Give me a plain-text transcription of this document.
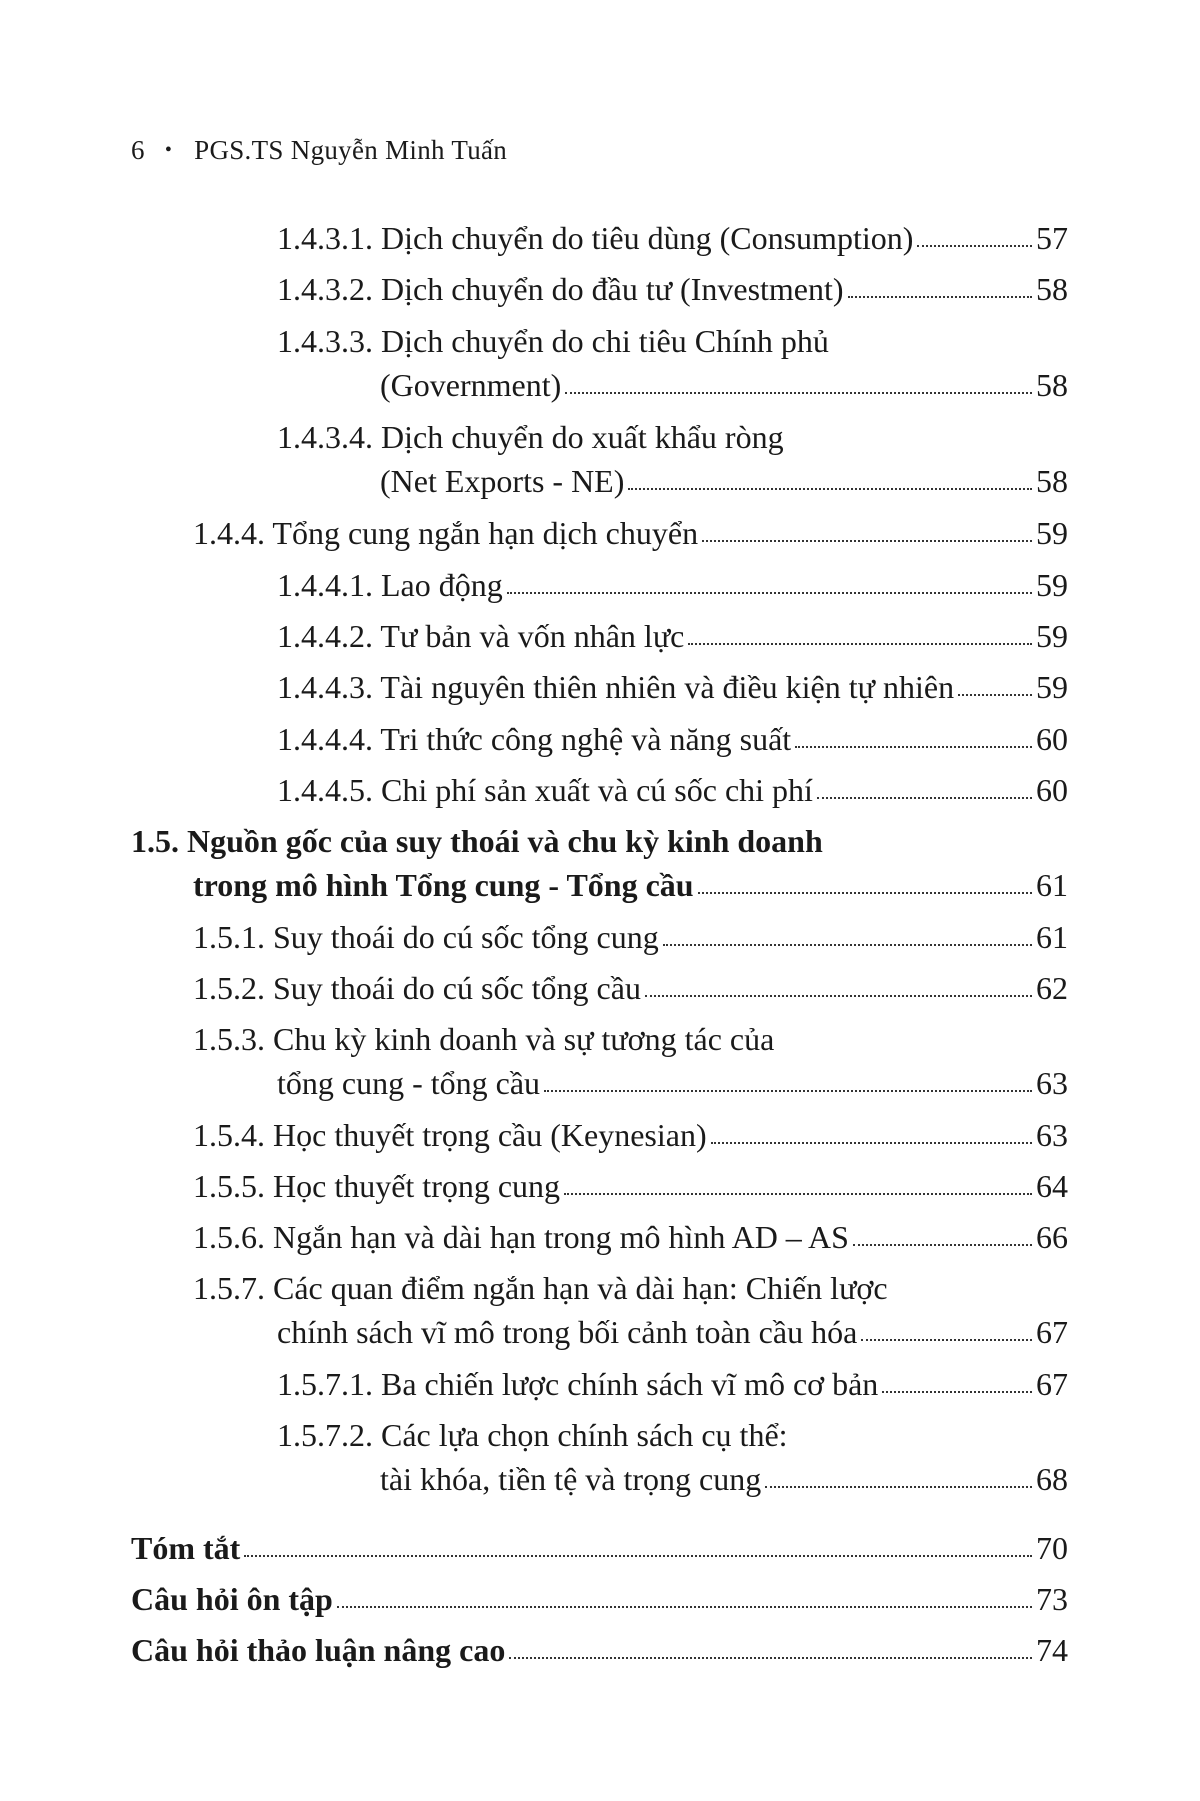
6 • PGS.TS Nguyễn Minh Tuấn
1.4.3.1. Dịch chuyển do tiêu dùng (Consumption)	57
1.4.3.2. Dịch chuyển do đầu tư (Investment)	58
1.4.3.3. Dịch chuyển do chi tiêu Chính phủ
(Government)	58
1.4.3.4. Dịch chuyển do xuất khẩu ròng
(Net Exports - NE)	58
1.4.4. Tổng cung ngắn hạn dịch chuyển	59
1.4.4.1. Lao động	59
1.4.4.2. Tư bản và vốn nhân lực	59
1.4.4.3. Tài nguyên thiên nhiên và điều kiện tự nhiên	59
1.4.4.4. Tri thức công nghệ và năng suất	60
1.4.4.5. Chi phí sản xuất và cú sốc chi phí	60
1.5. Nguồn gốc của suy thoái và chu kỳ kinh doanh
trong mô hình Tổng cung - Tổng cầu	61
1.5.1. Suy thoái do cú sốc tổng cung	61
1.5.2. Suy thoái do cú sốc tổng cầu	62
1.5.3. Chu kỳ kinh doanh và sự tương tác của
tổng cung - tổng cầu	63
1.5.4. Học thuyết trọng cầu (Keynesian)	63
1.5.5. Học thuyết trọng cung	64
1.5.6. Ngắn hạn và dài hạn trong mô hình AD – AS	66
1.5.7. Các quan điểm ngắn hạn và dài hạn: Chiến lược
chính sách vĩ mô trong bối cảnh toàn cầu hóa	67
1.5.7.1. Ba chiến lược chính sách vĩ mô cơ bản	67
1.5.7.2. Các lựa chọn chính sách cụ thể:
tài khóa, tiền tệ và trọng cung	68
Tóm tắt	70
Câu hỏi ôn tập	73
Câu hỏi thảo luận nâng cao	74
